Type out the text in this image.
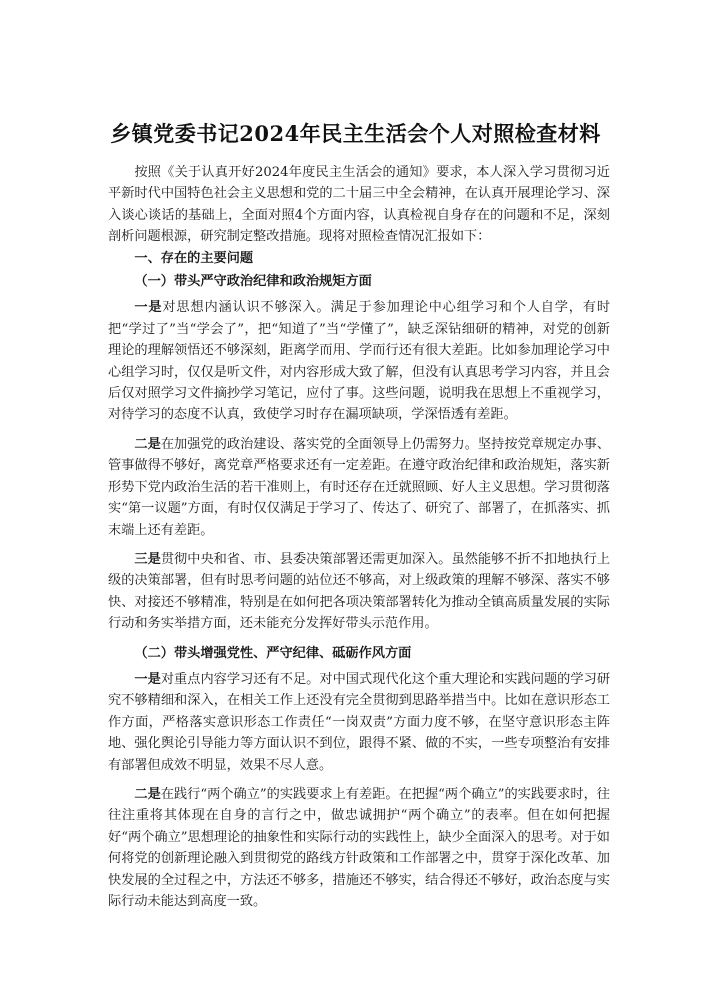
乡镇党委书记2024年民主生活会个人对照检查材料

按照《关于认真开好2024年度民主生活会的通知》要求，本人深入学习贯彻习近平新时代中国特色社会主义思想和党的二十届三中全会精神，在认真开展理论学习、深入谈心谈话的基础上，全面对照4个方面内容，认真检视自身存在的问题和不足，深刻剖析问题根源，研究制定整改措施。现将对照检查情况汇报如下：

一、存在的主要问题

（一）带头严守政治纪律和政治规矩方面

一是对思想内涵认识不够深入。满足于参加理论中心组学习和个人自学，有时把“学过了”当“学会了”，把“知道了”当“学懂了”，缺乏深钻细研的精神，对党的创新理论的理解领悟还不够深刻，距离学而用、学而行还有很大差距。比如参加理论学习中心组学习时，仅仅是听文件，对内容形成大致了解，但没有认真思考学习内容，并且会后仅对照学习文件摘抄学习笔记，应付了事。这些问题，说明我在思想上不重视学习，对待学习的态度不认真，致使学习时存在漏项缺项，学深悟透有差距。

二是在加强党的政治建设、落实党的全面领导上仍需努力。坚持按党章规定办事、管事做得不够好，离党章严格要求还有一定差距。在遵守政治纪律和政治规矩，落实新形势下党内政治生活的若干准则上，有时还存在迁就照顾、好人主义思想。学习贯彻落实“第一议题”方面，有时仅仅满足于学习了、传达了、研究了、部署了，在抓落实、抓末端上还有差距。

三是贯彻中央和省、市、县委决策部署还需更加深入。虽然能够不折不扣地执行上级的决策部署，但有时思考问题的站位还不够高，对上级政策的理解不够深、落实不够快、对接还不够精准，特别是在如何把各项决策部署转化为推动全镇高质量发展的实际行动和务实举措方面，还未能充分发挥好带头示范作用。

（二）带头增强党性、严守纪律、砥砺作风方面

一是对重点内容学习还有不足。对中国式现代化这个重大理论和实践问题的学习研究不够精细和深入，在相关工作上还没有完全贯彻到思路举措当中。比如在意识形态工作方面，严格落实意识形态工作责任“一岗双责”方面力度不够，在坚守意识形态主阵地、强化舆论引导能力等方面认识不到位，跟得不紧、做的不实，一些专项整治有安排有部署但成效不明显，效果不尽人意。

二是在践行“两个确立”的实践要求上有差距。在把握“两个确立”的实践要求时，往往注重将其体现在自身的言行之中，做忠诚拥护“两个确立”的表率。但在如何把握好“两个确立”思想理论的抽象性和实际行动的实践性上，缺少全面深入的思考。对于如何将党的创新理论融入到贯彻党的路线方针政策和工作部署之中，贯穿于深化改革、加快发展的全过程之中，方法还不够多，措施还不够实，结合得还不够好，政治态度与实际行动未能达到高度一致。
